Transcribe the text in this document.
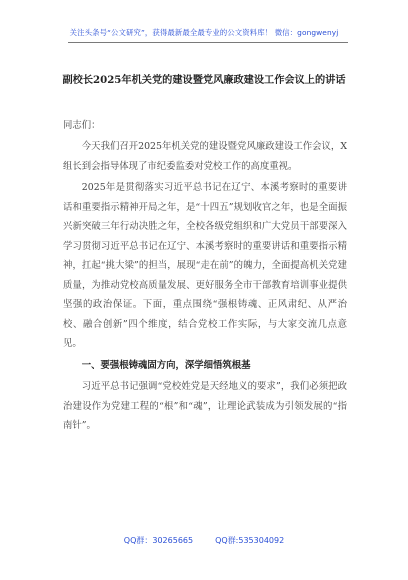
关注头条号“公文研究”，获得最新最全最专业的公文资料库！ 微信：gongwenyj
副校长2025年机关党的建设暨党风廉政建设工作会议上的讲话
同志们：

今天我们召开2025年机关党的建设暨党风廉政建设工作会议，X组长到会指导体现了市纪委监委对党校工作的高度重视。

2025年是贯彻落实习近平总书记在辽宁、本溪考察时的重要讲话和重要指示精神开局之年，是“十四五”规划收官之年，也是全面振兴新突破三年行动决胜之年，全校各级党组织和广大党员干部要深入学习贯彻习近平总书记在辽宁、本溪考察时的重要讲话和重要指示精神，扛起“挑大梁”的担当，展现“走在前”的魄力，全面提高机关党建质量，为推动党校高质量发展、更好服务全市干部教育培训事业提供坚强的政治保证。下面，重点围绕“强根铸魂、正风肃纪、从严治校、融合创新”四个维度，结合党校工作实际，与大家交流几点意见。

一、要强根铸魂固方向，深学细悟筑根基

习近平总书记强调“党校姓党是天经地义的要求”，我们必须把政治建设作为党建工程的“根”和“魂”，让理论武装成为引领发展的“指南针”。

QQ群：30265665	QQ群:535304092
